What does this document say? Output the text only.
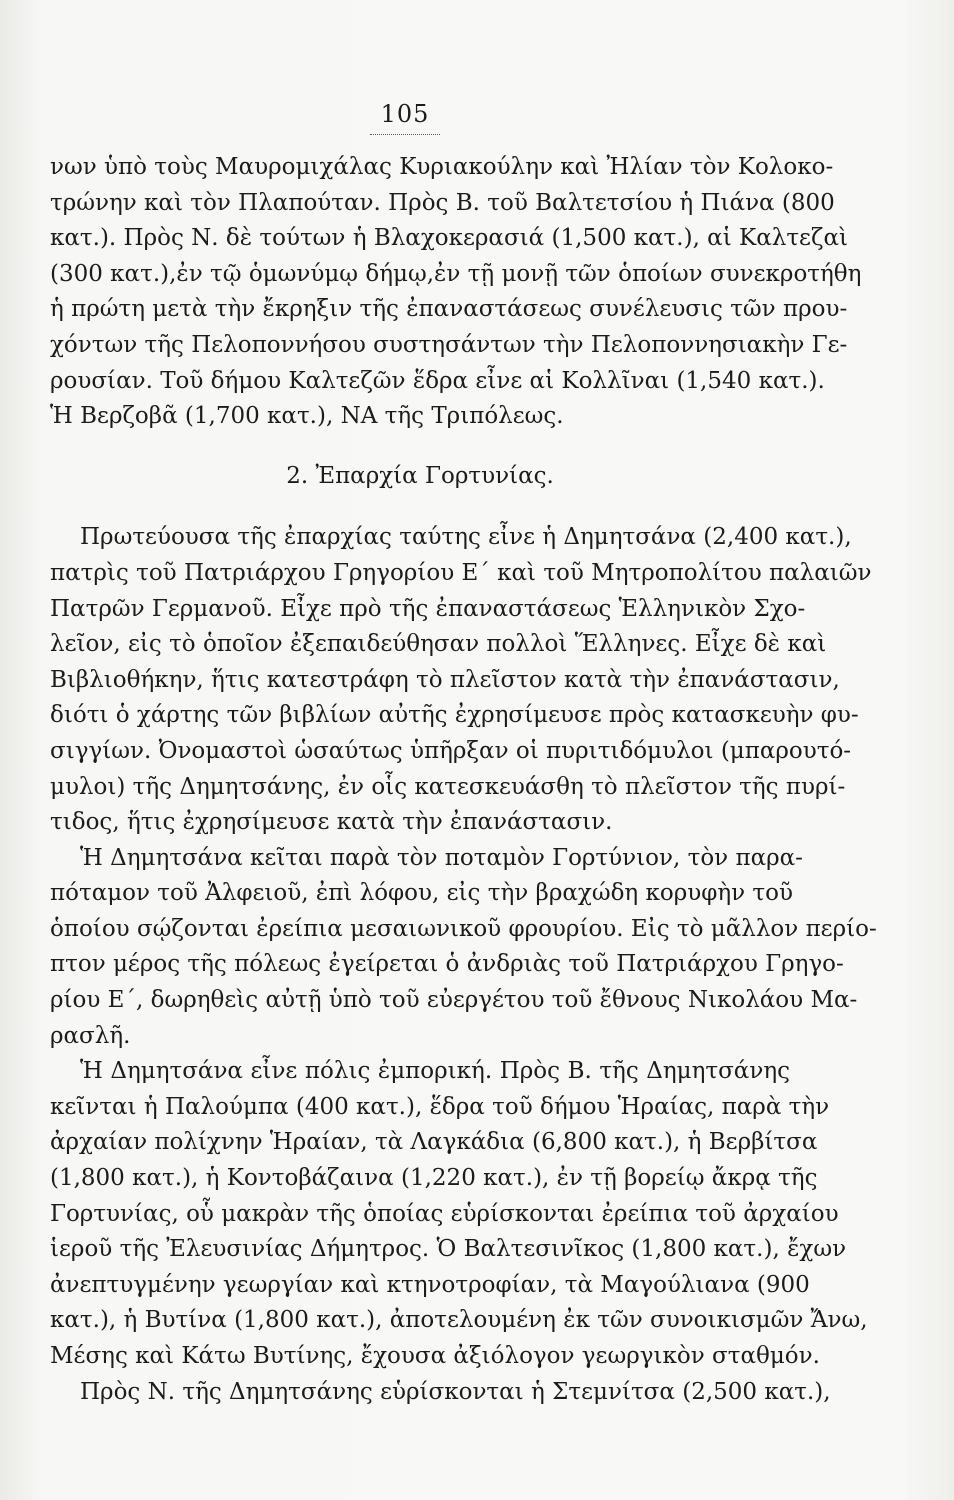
105
νων ὑπὸ τοὺς Μαυρομιχάλας Κυριακούλην καὶ Ἠλίαν τὸν Κολοκο-
τρώνην καὶ τὸν Πλαπούταν. Πρὸς Β. τοῦ Βαλτετσίου ἡ Πιάνα (800
κατ.). Πρὸς Ν. δὲ τούτων ἡ Βλαχοκερασιά (1,500 κατ.), αἱ Καλτεζαὶ
(300 κατ.),ἐν τῷ ὁμωνύμῳ δήμῳ,ἐν τῇ μονῇ τῶν ὁποίων συνεκροτήθη
ἡ πρώτη μετὰ τὴν ἔκρηξιν τῆς ἐπαναστάσεως συνέλευσις τῶν πρου-
χόντων τῆς Πελοποννήσου συστησάντων τὴν Πελοποννησιακὴν Γε-
ρουσίαν. Τοῦ δήμου Καλτεζῶν ἕδρα εἶνε αἱ Κολλῖναι (1,540 κατ.).
Ἡ Βερζοβᾶ (1,700 κατ.), ΝΑ τῆς Τριπόλεως.
2. Ἐπαρχία Γορτυνίας.
Πρωτεύουσα τῆς ἐπαρχίας ταύτης εἶνε ἡ Δημητσάνα (2,400 κατ.),
πατρὶς τοῦ Πατριάρχου Γρηγορίου Ε΄ καὶ τοῦ Μητροπολίτου παλαιῶν
Πατρῶν Γερμανοῦ. Εἶχε πρὸ τῆς ἐπαναστάσεως Ἑλληνικὸν Σχο-
λεῖον, εἰς τὸ ὁποῖον ἐξεπαιδεύθησαν πολλοὶ Ἕλληνες. Εἶχε δὲ καὶ
Βιβλιοθήκην, ἥτις κατεστράφη τὸ πλεῖστον κατὰ τὴν ἐπανάστασιν,
διότι ὁ χάρτης τῶν βιβλίων αὐτῆς ἐχρησίμευσε πρὸς κατασκευὴν φυ-
σιγγίων. Ὀνομαστοὶ ὡσαύτως ὑπῆρξαν οἱ πυριτιδόμυλοι (μπαρουτό-
μυλοι) τῆς Δημητσάνης, ἐν οἷς κατεσκευάσθη τὸ πλεῖστον τῆς πυρί-
τιδος, ἥτις ἐχρησίμευσε κατὰ τὴν ἐπανάστασιν.
Ἡ Δημητσάνα κεῖται παρὰ τὸν ποταμὸν Γορτύνιον, τὸν παρα-
πόταμον τοῦ Ἀλφειοῦ, ἐπὶ λόφου, εἰς τὴν βραχώδη κορυφὴν τοῦ
ὁποίου σῴζονται ἐρείπια μεσαιωνικοῦ φρουρίου. Εἰς τὸ μᾶλλον περίο-
πτον μέρος τῆς πόλεως ἐγείρεται ὁ ἀνδριὰς τοῦ Πατριάρχου Γρηγο-
ρίου Ε΄, δωρηθεὶς αὐτῇ ὑπὸ τοῦ εὐεργέτου τοῦ ἔθνους Νικολάου Μα-
ρασλῆ.
Ἡ Δημητσάνα εἶνε πόλις ἐμπορική. Πρὸς Β. τῆς Δημητσάνης
κεῖνται ἡ Παλούμπα (400 κατ.), ἕδρα τοῦ δήμου Ἡραίας, παρὰ τὴν
ἀρχαίαν πολίχνην Ἡραίαν, τὰ Λαγκάδια (6,800 κατ.), ἡ Βερβίτσα
(1,800 κατ.), ἡ Κοντοβάζαινα (1,220 κατ.), ἐν τῇ βορείῳ ἄκρᾳ τῆς
Γορτυνίας, οὗ μακρὰν τῆς ὁποίας εὑρίσκονται ἐρείπια τοῦ ἀρχαίου
ἱεροῦ τῆς Ἐλευσινίας Δήμητρος. Ὁ Βαλτεσινῖκος (1,800 κατ.), ἔχων
ἀνεπτυγμένην γεωργίαν καὶ κτηνοτροφίαν, τὰ Μαγούλιανα (900
κατ.), ἡ Βυτίνα (1,800 κατ.), ἀποτελουμένη ἐκ τῶν συνοικισμῶν Ἄνω,
Μέσης καὶ Κάτω Βυτίνης, ἔχουσα ἀξιόλογον γεωργικὸν σταθμόν.
Πρὸς Ν. τῆς Δημητσάνης εὑρίσκονται ἡ Στεμνίτσα (2,500 κατ.),
